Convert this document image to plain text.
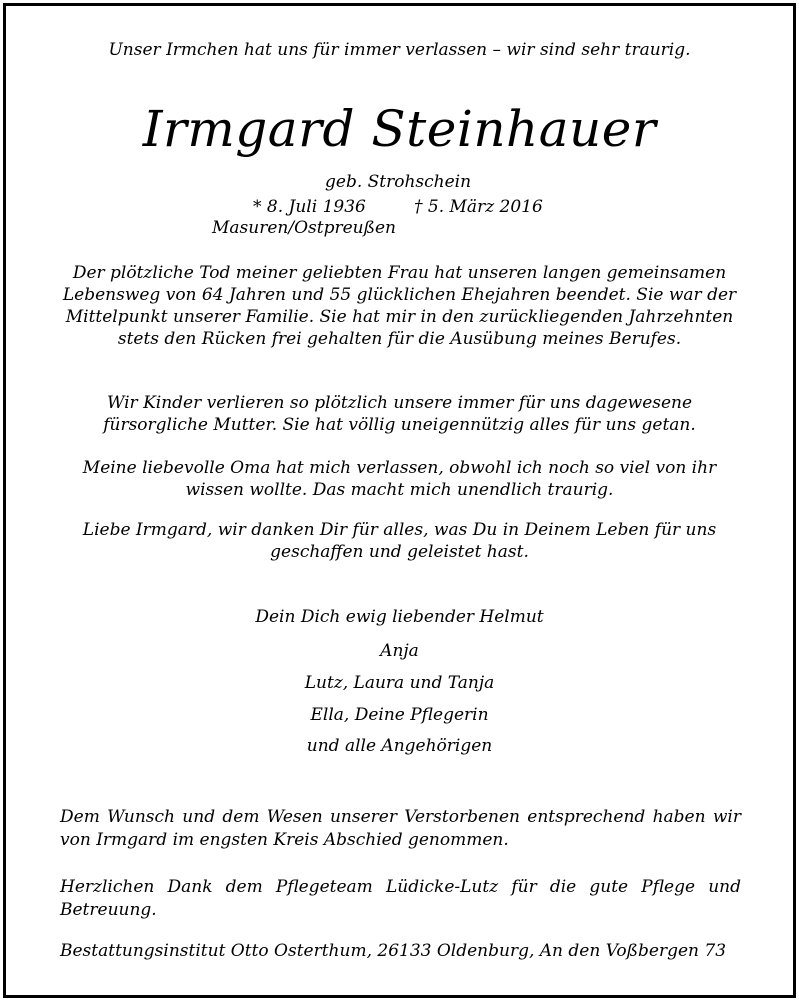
Unser Irmchen hat uns für immer verlassen – wir sind sehr traurig.
Irmgard Steinhauer
geb. Strohschein
* 8. Juli 1936	† 5. März 2016
Masuren/Ostpreußen
Der plötzliche Tod meiner geliebten Frau hat unseren langen gemeinsamen Lebensweg von 64 Jahren und 55 glücklichen Ehejahren beendet. Sie war der Mittelpunkt unserer Familie. Sie hat mir in den zurückliegenden Jahrzehnten stets den Rücken frei gehalten für die Ausübung meines Berufes.
Wir Kinder verlieren so plötzlich unsere immer für uns dagewesene fürsorgliche Mutter. Sie hat völlig uneigennützig alles für uns getan.
Meine liebevolle Oma hat mich verlassen, obwohl ich noch so viel von ihr wissen wollte. Das macht mich unendlich traurig.
Liebe Irmgard, wir danken Dir für alles, was Du in Deinem Leben für uns geschaffen und geleistet hast.
Dein Dich ewig liebender Helmut
Anja
Lutz, Laura und Tanja
Ella, Deine Pflegerin
und alle Angehörigen
Dem Wunsch und dem Wesen unserer Verstorbenen entsprechend haben wir von Irmgard im engsten Kreis Abschied genommen.
Herzlichen Dank dem Pflegeteam Lüdicke-Lutz für die gute Pflege und Betreuung.
Bestattungsinstitut Otto Osterthum, 26133 Oldenburg, An den Voßbergen 73
